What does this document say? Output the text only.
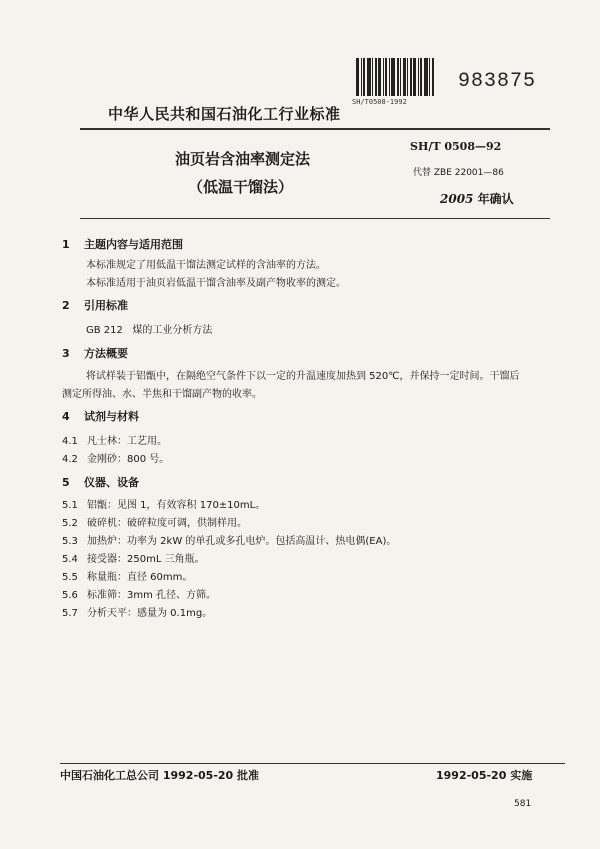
SH/T0508-1992
983875
中华人民共和国石油化工行业标准
SH/T 0508—92
油页岩含油率测定法
（低温干馏法）
代替 ZBE 22001—86
2005 年确认
1 主题内容与适用范围
本标准规定了用低温干馏法测定试样的含油率的方法。
本标准适用于油页岩低温干馏含油率及副产物收率的测定。
2 引用标准
GB 212 煤的工业分析方法
3 方法概要
将试样装于铝甑中，在隔绝空气条件下以一定的升温速度加热到 520℃，并保持一定时间。干馏后
测定所得油、水、半焦和干馏副产物的收率。
4 试剂与材料
4.1 凡士林：工艺用。
4.2 金刚砂：800 号。
5 仪器、设备
5.1 铝甑：见图 1，有效容积 170±10mL。
5.2 破碎机：破碎粒度可调，供制样用。
5.3 加热炉：功率为 2kW 的单孔或多孔电炉。包括高温计、热电偶(EA)。
5.4 接受器：250mL 三角瓶。
5.5 称量瓶：直径 60mm。
5.6 标准筛：3mm 孔径、方筛。
5.7 分析天平：感量为 0.1mg。
中国石油化工总公司 1992-05-20 批准	1992-05-20 实施
581
